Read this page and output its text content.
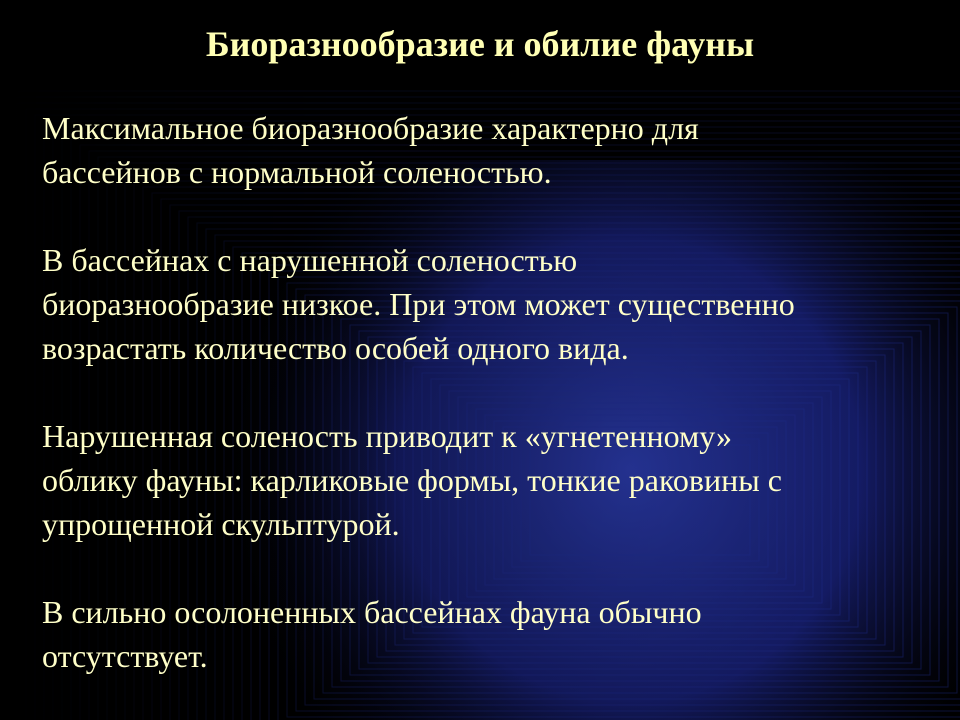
Биоразнообразие и обилие фауны

Максимальное биоразнообразие характерно для
бассейнов с нормальной соленостью.

В бассейнах с нарушенной соленостью
биоразнообразие низкое. При этом может существенно
возрастать количество особей одного вида.

Нарушенная соленость приводит к «угнетенному»
облику фауны: карликовые формы, тонкие раковины с
упрощенной скульптурой.

В сильно осолоненных бассейнах фауна обычно
отсутствует.
